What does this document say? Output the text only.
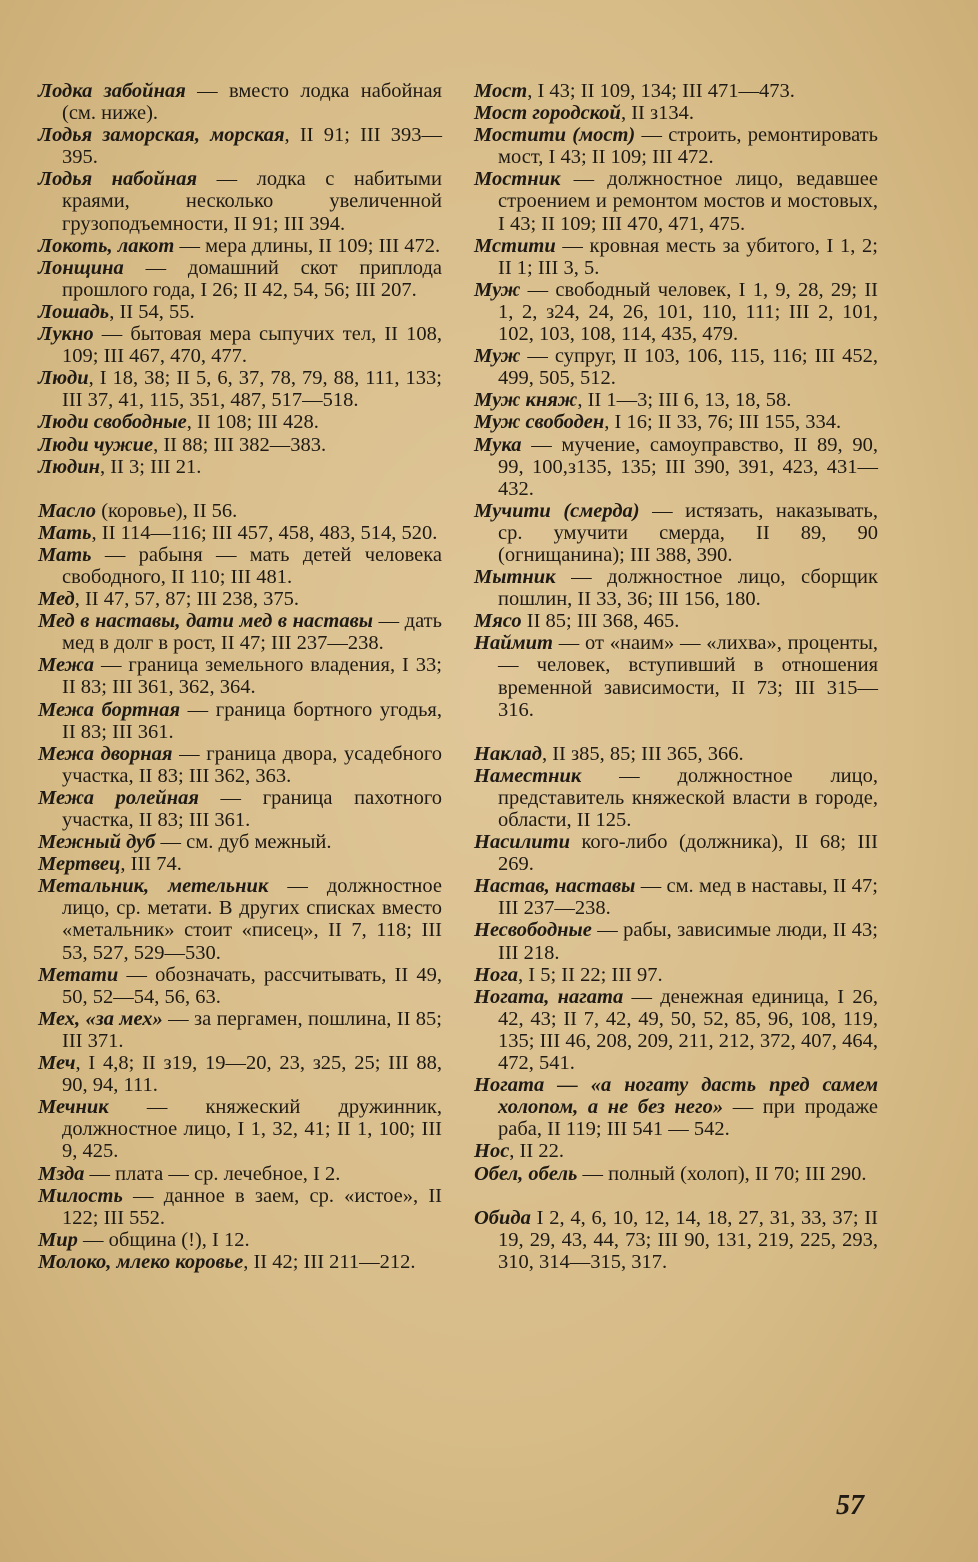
Лодка забойная — вместо лодка набойная (см. ниже).

Лодья заморская, морская, II 91; III 393—395.

Лодья набойная — лодка с набитыми краями, несколько увеличенной грузоподъемности, II 91; III 394.

Локоть, лакот — мера длины, II 109; III 472.

Лонщина — домашний скот приплода прошлого года, I 26; II 42, 54, 56; III 207.

Лошадь, II 54, 55.

Лукно — бытовая мера сыпучих тел, II 108, 109; III 467, 470, 477.

Люди, I 18, 38; II 5, 6, 37, 78, 79, 88, 111, 133; III 37, 41, 115, 351, 487, 517—518.

Люди свободные, II 108; III 428.

Люди чужие, II 88; III 382—383.

Людин, II 3; III 21.

Масло (коровье), II 56.

Мать, II 114—116; III 457, 458, 483, 514, 520.

Мать — рабыня — мать детей человека свободного, II 110; III 481.

Мед, II 47, 57, 87; III 238, 375.

Мед в наставы, дати мед в наставы — дать мед в долг в рост, II 47; III 237—238.

Межа — граница земельного владения, I 33; II 83; III 361, 362, 364.

Межа бортная — граница бортного угодья, II 83; III 361.

Межа дворная — граница двора, усадебного участка, II 83; III 362, 363.

Межа ролейная — граница пахотного участка, II 83; III 361.

Межный дуб — см. дуб межный.

Мертвец, III 74.

Метальник, метельник — должностное лицо, ср. метати. В других списках вместо «метальник» стоит «писец», II 7, 118; III 53, 527, 529—530.

Метати — обозначать, рассчитывать, II 49, 50, 52—54, 56, 63.

Мех, «за мех» — за пергамен, пошлина, II 85; III 371.

Меч, I 4,8; II з19, 19—20, 23, з25, 25; III 88, 90, 94, 111.

Мечник — княжеский дружинник, должностное лицо, I 1, 32, 41; II 1, 100; III 9, 425.

Мзда — плата — ср. лечебное, I 2.

Милость — данное в заем, ср. «истое», II 122; III 552.

Мир — община (!), I 12.

Молоко, млеко коровье, II 42; III 211—212.

Мост, I 43; II 109, 134; III 471—473.

Мост городской, II з134.

Мостити (мост) — строить, ремонтировать мост, I 43; II 109; III 472.

Мостник — должностное лицо, ведавшее строением и ремонтом мостов и мостовых, I 43; II 109; III 470, 471, 475.

Мстити — кровная месть за убитого, I 1, 2; II 1; III 3, 5.

Муж — свободный человек, I 1, 9, 28, 29; II 1, 2, з24, 24, 26, 101, 110, 111; III 2, 101, 102, 103, 108, 114, 435, 479.

Муж — супруг, II 103, 106, 115, 116; III 452, 499, 505, 512.

Муж княж, II 1—3; III 6, 13, 18, 58.

Муж свободен, I 16; II 33, 76; III 155, 334.

Мука — мучение, самоуправство, II 89, 90, 99, 100,з135, 135; III 390, 391, 423, 431—432.

Мучити (смерда) — истязать, наказывать, ср. умучити смерда, II 89, 90 (огнищанина); III 388, 390.

Мытник — должностное лицо, сборщик пошлин, II 33, 36; III 156, 180.

Мясо II 85; III 368, 465.

Наймит — от «наим» — «лихва», проценты, — человек, вступивший в отношения временной зависимости, II 73; III 315—316.

Наклад, II з85, 85; III 365, 366.

Наместник — должностное лицо, представитель княжеской власти в городе, области, II 125.

Насилити кого-либо (должника), II 68; III 269.

Настав, наставы — см. мед в наставы, II 47; III 237—238.

Несвободные — рабы, зависимые люди, II 43; III 218.

Нога, I 5; II 22; III 97.

Ногата, нагата — денежная единица, I 26, 42, 43; II 7, 42, 49, 50, 52, 85, 96, 108, 119, 135; III 46, 208, 209, 211, 212, 372, 407, 464, 472, 541.

Ногата — «а ногату дасть пред самем холопом, а не без него» — при продаже раба, II 119; III 541 — 542.

Нос, II 22.

Обел, обель — полный (холоп), II 70; III 290.

Обида I 2, 4, 6, 10, 12, 14, 18, 27, 31, 33, 37; II 19, 29, 43, 44, 73; III 90, 131, 219, 225, 293, 310, 314—315, 317.

57
